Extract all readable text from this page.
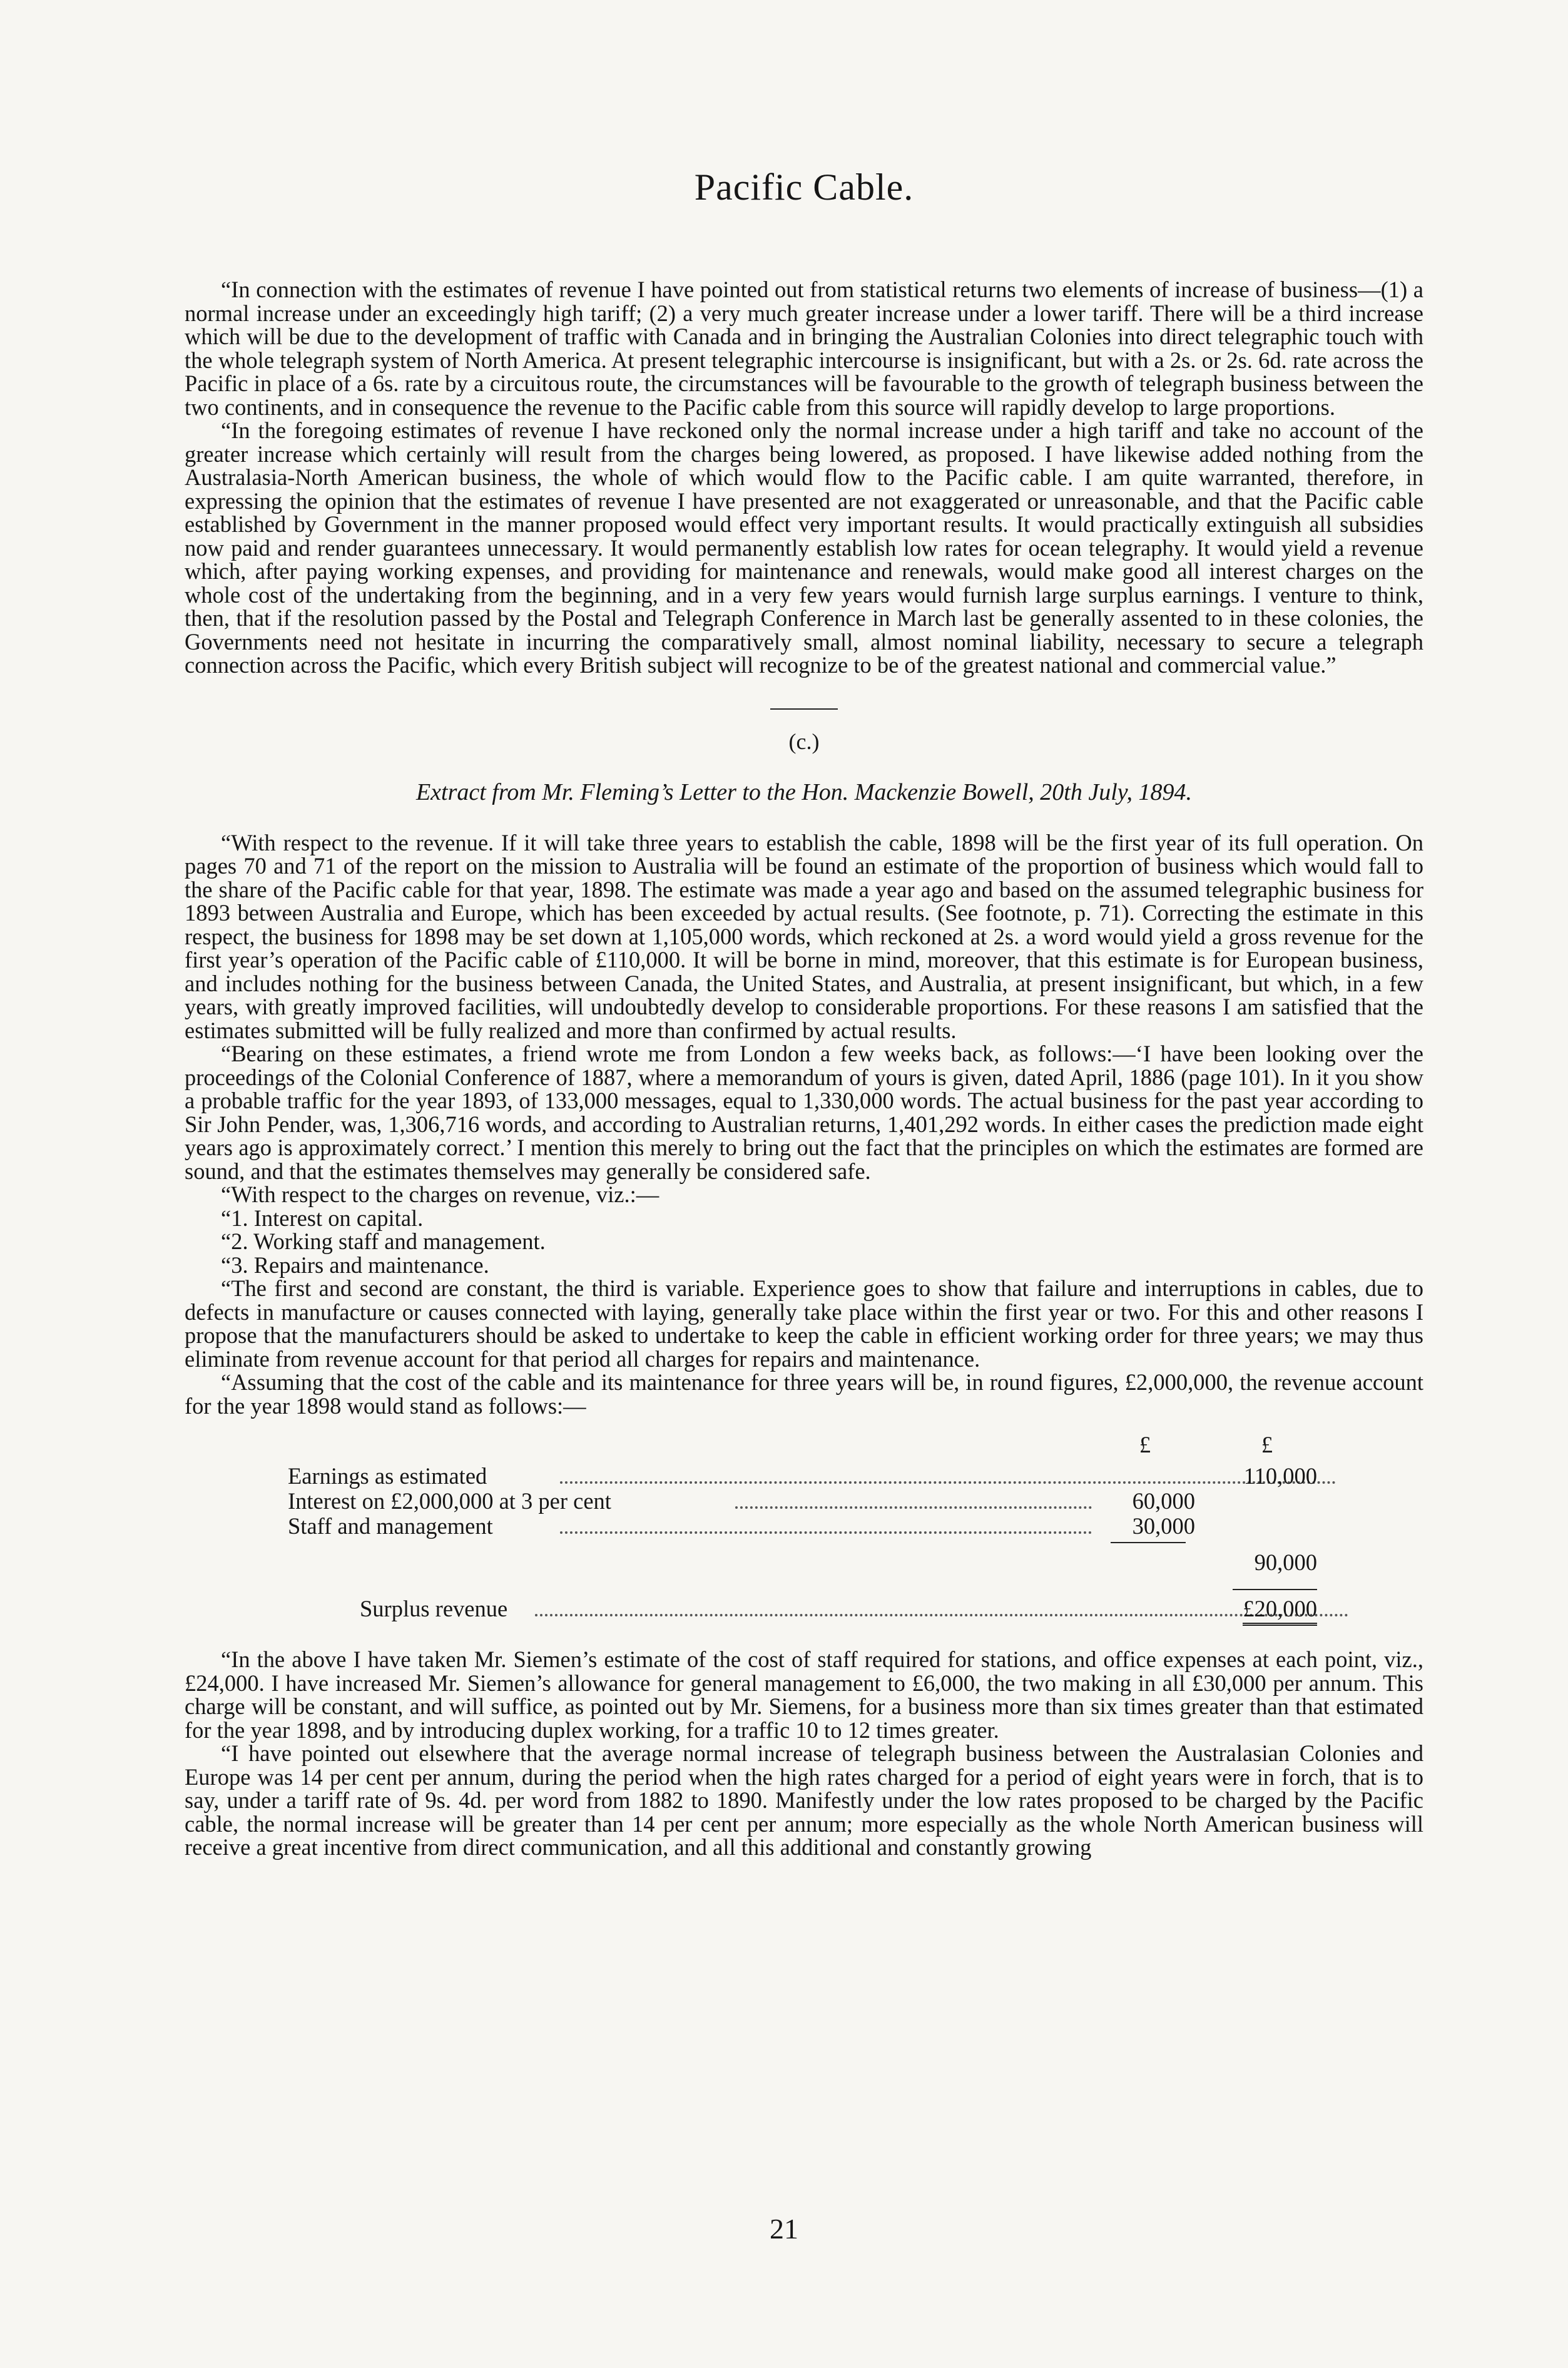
Pacific Cable.

“In connection with the estimates of revenue I have pointed out from statistical returns two elements of increase of business—(1) a normal increase under an exceedingly high tariff; (2) a very much greater increase under a lower tariff. There will be a third increase which will be due to the development of traffic with Canada and in bringing the Australian Colonies into direct telegraphic touch with the whole telegraph system of North America. At present telegraphic intercourse is insignificant, but with a 2s. or 2s. 6d. rate across the Pacific in place of a 6s. rate by a circuitous route, the circumstances will be favourable to the growth of telegraph business between the two continents, and in consequence the revenue to the Pacific cable from this source will rapidly develop to large proportions.

“In the foregoing estimates of revenue I have reckoned only the normal increase under a high tariff and take no account of the greater increase which certainly will result from the charges being lowered, as proposed. I have likewise added nothing from the Australasia-North American business, the whole of which would flow to the Pacific cable. I am quite warranted, therefore, in expressing the opinion that the estimates of revenue I have presented are not exaggerated or unreasonable, and that the Pacific cable established by Government in the manner proposed would effect very important results. It would practically extinguish all subsidies now paid and render guarantees unnecessary. It would permanently establish low rates for ocean telegraphy. It would yield a revenue which, after paying working expenses, and providing for maintenance and renewals, would make good all interest charges on the whole cost of the undertaking from the beginning, and in a very few years would furnish large surplus earnings. I venture to think, then, that if the resolution passed by the Postal and Telegraph Conference in March last be generally assented to in these colonies, the Governments need not hesitate in incurring the comparatively small, almost nominal liability, necessary to secure a telegraph connection across the Pacific, which every British subject will recognize to be of the greatest national and commercial value.”

(c.)
Extract from Mr. Fleming’s Letter to the Hon. Mackenzie Bowell, 20th July, 1894.

“With respect to the revenue. If it will take three years to establish the cable, 1898 will be the first year of its full operation. On pages 70 and 71 of the report on the mission to Australia will be found an estimate of the proportion of business which would fall to the share of the Pacific cable for that year, 1898. The estimate was made a year ago and based on the assumed telegraphic business for 1893 between Australia and Europe, which has been exceeded by actual results. (See footnote, p. 71). Correcting the estimate in this respect, the business for 1898 may be set down at 1,105,000 words, which reckoned at 2s. a word would yield a gross revenue for the first year’s operation of the Pacific cable of £110,000. It will be borne in mind, moreover, that this estimate is for European business, and includes nothing for the business between Canada, the United States, and Australia, at present insignificant, but which, in a few years, with greatly improved facilities, will undoubtedly develop to considerable proportions. For these reasons I am satisfied that the estimates submitted will be fully realized and more than confirmed by actual results.

“Bearing on these estimates, a friend wrote me from London a few weeks back, as follows:—‘I have been looking over the proceedings of the Colonial Conference of 1887, where a memorandum of yours is given, dated April, 1886 (page 101). In it you show a probable traffic for the year 1893, of 133,000 messages, equal to 1,330,000 words. The actual business for the past year according to Sir John Pender, was, 1,306,716 words, and according to Australian returns, 1,401,292 words. In either cases the prediction made eight years ago is approximately correct.’ I mention this merely to bring out the fact that the principles on which the estimates are formed are sound, and that the estimates themselves may generally be considered safe.

“With respect to the charges on revenue, viz.:—

“1. Interest on capital.
“2. Working staff and management.
“3. Repairs and maintenance.

“The first and second are constant, the third is variable. Experience goes to show that failure and interruptions in cables, due to defects in manufacture or causes connected with laying, generally take place within the first year or two. For this and other reasons I propose that the manufacturers should be asked to undertake to keep the cable in efficient working order for three years; we may thus eliminate from revenue account for that period all charges for repairs and maintenance.

“Assuming that the cost of the cable and its maintenance for three years will be, in round figures, £2,000,000, the revenue account for the year 1898 would stand as follows:—

£	£
Earnings as estimated	110,000
Interest on £2,000,000 at 3 per cent	60,000
Staff and management	30,000
90,000
Surplus revenue	£20,000

“In the above I have taken Mr. Siemen’s estimate of the cost of staff required for stations, and office expenses at each point, viz., £24,000. I have increased Mr. Siemen’s allowance for general management to £6,000, the two making in all £30,000 per annum. This charge will be constant, and will suffice, as pointed out by Mr. Siemens, for a business more than six times greater than that estimated for the year 1898, and by introducing duplex working, for a traffic 10 to 12 times greater.

“I have pointed out elsewhere that the average normal increase of telegraph business between the Australasian Colonies and Europe was 14 per cent per annum, during the period when the high rates charged for a period of eight years were in forch, that is to say, under a tariff rate of 9s. 4d. per word from 1882 to 1890. Manifestly under the low rates proposed to be charged by the Pacific cable, the normal increase will be greater than 14 per cent per annum; more especially as the whole North American business will receive a great incentive from direct communication, and all this additional and constantly growing

21
